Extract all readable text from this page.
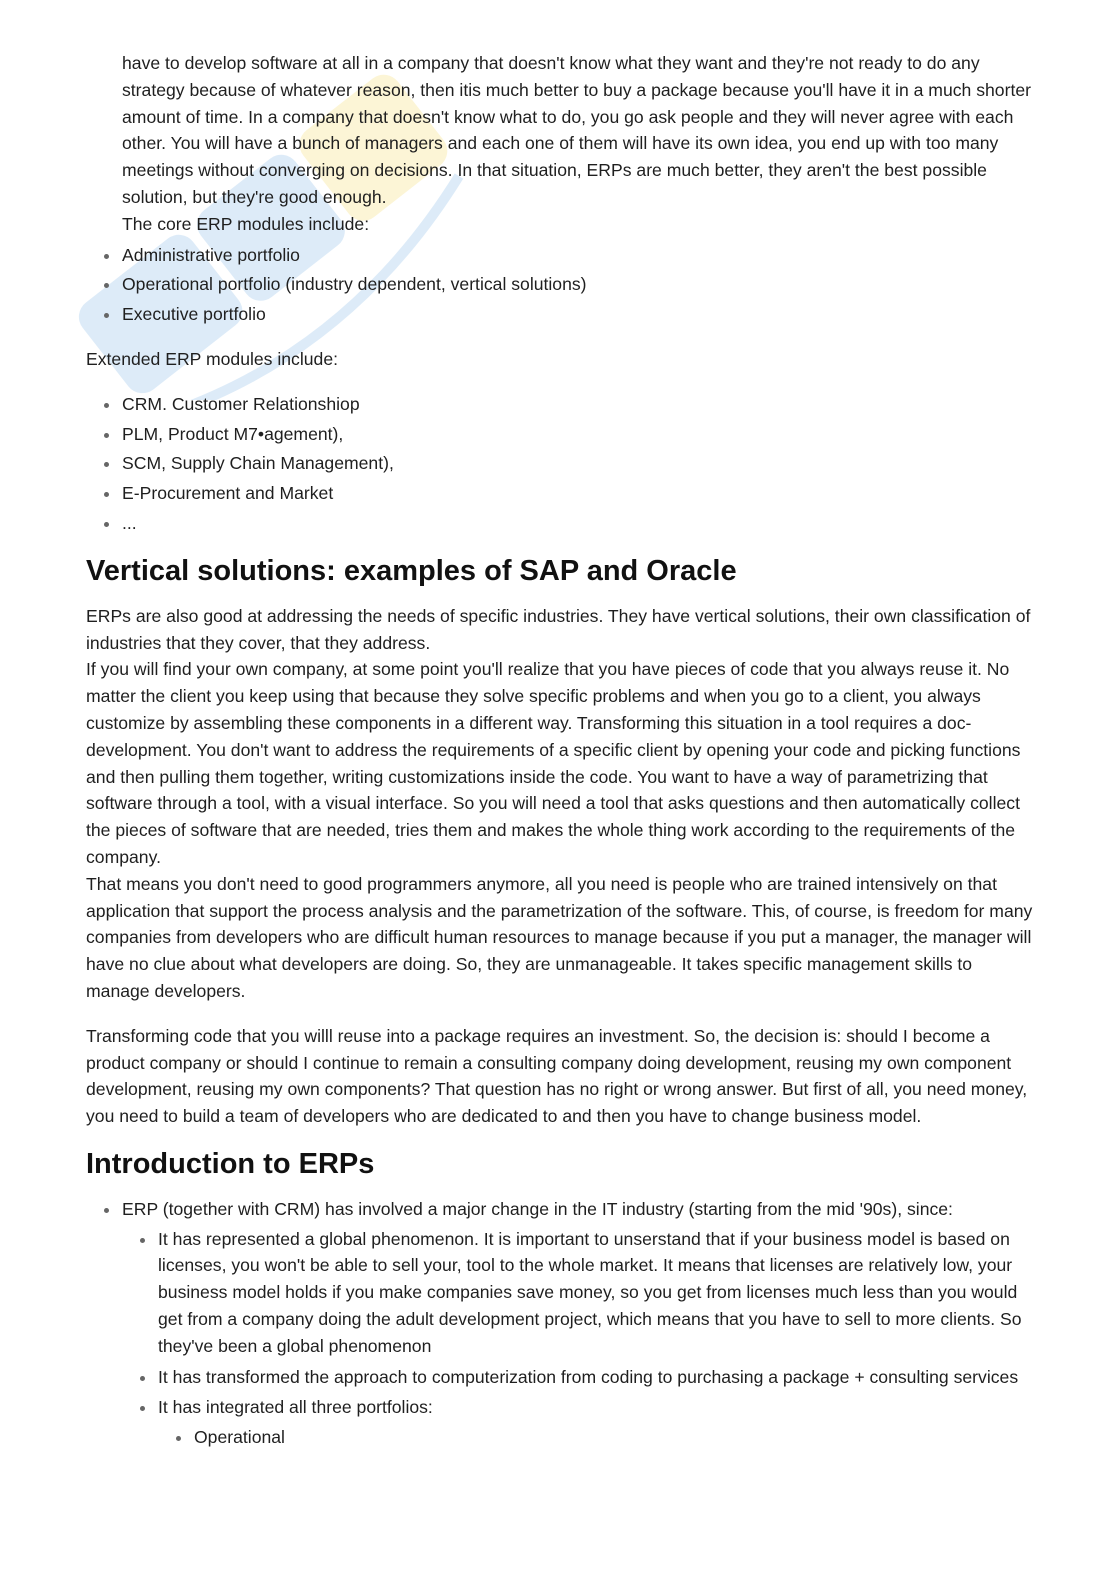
have to develop software at all in a company that doesn't know what they want and they're not ready to do any strategy because of whatever reason, then itis much better to buy a package because you'll have it in a much shorter amount of time. In a company that doesn't know what to do, you go ask people and they will never agree with each other. You will have a bunch of managers and each one of them will have its own idea, you end up with too many meetings without converging on decisions. In that situation, ERPs are much better, they aren't the best possible solution, but they're good enough.

The core ERP modules include:

Administrative portfolio
Operational portfolio (industry dependent, vertical solutions)
Executive portfolio

Extended ERP modules include:

CRM. Customer Relationshiop
PLM, Product M7•agement),
SCM, Supply Chain Management),
E-Procurement and Market
...
Vertical solutions: examples of SAP and Oracle

ERPs are also good at addressing the needs of specific industries. They have vertical solutions, their own classification of industries that they cover, that they address.

If you will find your own company, at some point you'll realize that you have pieces of code that you always reuse it. No matter the client you keep using that because they solve specific problems and when you go to a client, you always customize by assembling these components in a different way. Transforming this situation in a tool requires a doc-development. You don't want to address the requirements of a specific client by opening your code and picking functions and then pulling them together, writing customizations inside the code. You want to have a way of parametrizing that software through a tool, with a visual interface. So you will need a tool that asks questions and then automatically collect the pieces of software that are needed, tries them and makes the whole thing work according to the requirements of the company.

That means you don't need to good programmers anymore, all you need is people who are trained intensively on that application that support the process analysis and the parametrization of the software. This, of course, is freedom for many companies from developers who are difficult human resources to manage because if you put a manager, the manager will have no clue about what developers are doing. So, they are unmanageable. It takes specific management skills to manage developers.

Transforming code that you willl reuse into a package requires an investment. So, the decision is: should I become a product company or should I continue to remain a consulting company doing development, reusing my own component development, reusing my own components? That question has no right or wrong answer. But first of all, you need money, you need to build a team of developers who are dedicated to and then you have to change business model.

Introduction to ERPs
ERP (together with CRM) has involved a major change in the IT industry (starting from the mid '90s), since:
It has represented a global phenomenon. It is important to unserstand that if your business model is based on licenses, you won't be able to sell your, tool to the whole market. It means that licenses are relatively low, your business model holds if you make companies save money, so you get from licenses much less than you would get from a company doing the adult development project, which means that you have to sell to more clients. So they've been a global phenomenon
It has transformed the approach to computerization from coding to purchasing a package + consulting services
It has integrated all three portfolios:
Operational
